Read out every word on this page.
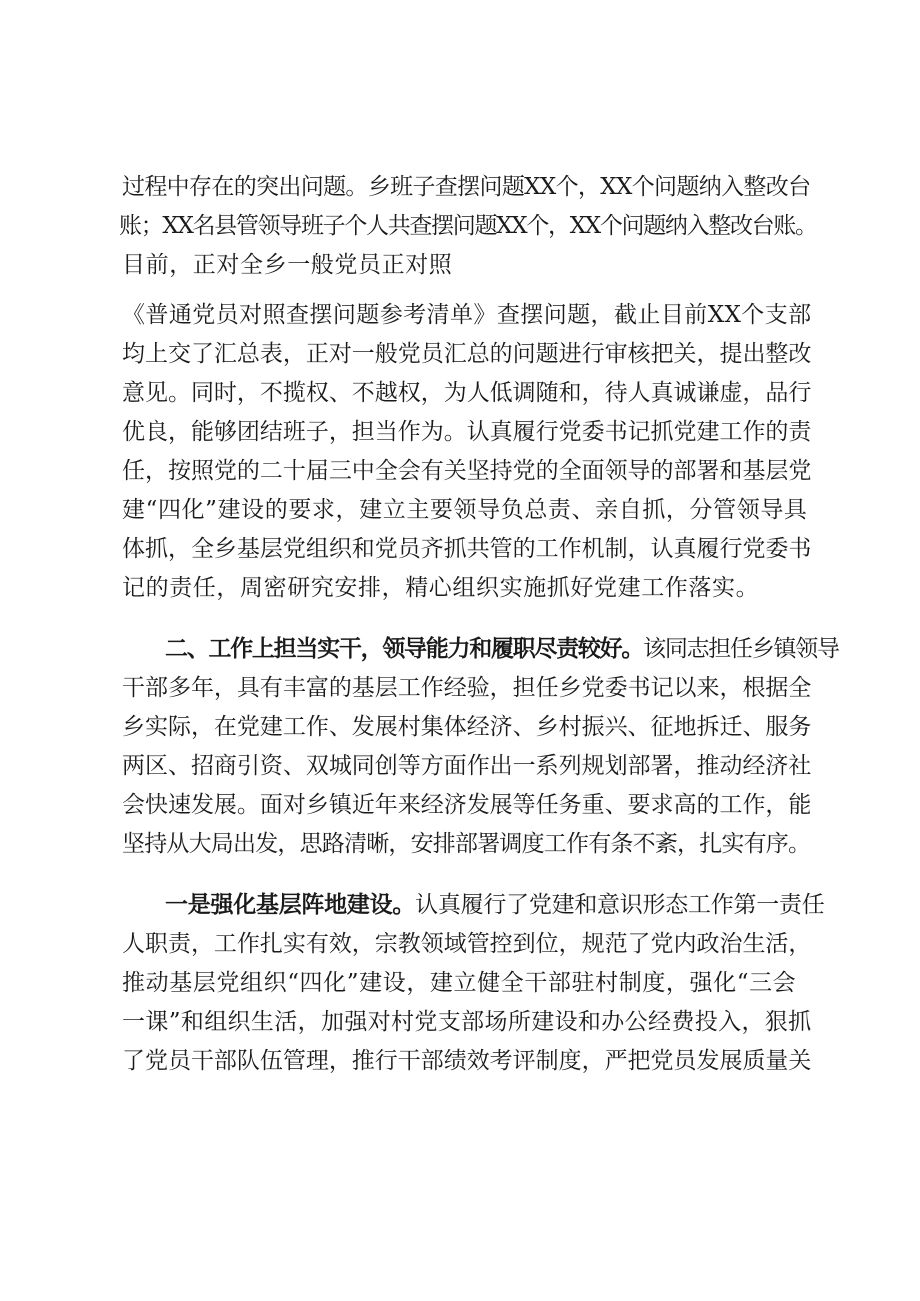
过程中存在的突出问题。乡班子查摆问题XX个，XX个问题纳入整改台
账；XX名县管领导班子个人共查摆问题XX个，XX个问题纳入整改台账。
目前，正对全乡一般党员正对照
《普通党员对照查摆问题参考清单》查摆问题，截止目前XX个支部
均上交了汇总表，正对一般党员汇总的问题进行审核把关，提出整改
意见。同时，不揽权、不越权，为人低调随和，待人真诚谦虚，品行
优良，能够团结班子，担当作为。认真履行党委书记抓党建工作的责
任，按照党的二十届三中全会有关坚持党的全面领导的部署和基层党
建“四化”建设的要求，建立主要领导负总责、亲自抓，分管领导具
体抓，全乡基层党组织和党员齐抓共管的工作机制，认真履行党委书
记的责任，周密研究安排，精心组织实施抓好党建工作落实。
二、工作上担当实干，领导能力和履职尽责较好。该同志担任乡镇领导
干部多年，具有丰富的基层工作经验，担任乡党委书记以来，根据全
乡实际，在党建工作、发展村集体经济、乡村振兴、征地拆迁、服务
两区、招商引资、双城同创等方面作出一系列规划部署，推动经济社
会快速发展。面对乡镇近年来经济发展等任务重、要求高的工作，能
坚持从大局出发，思路清晰，安排部署调度工作有条不紊，扎实有序。
一是强化基层阵地建设。认真履行了党建和意识形态工作第一责任
人职责，工作扎实有效，宗教领域管控到位，规范了党内政治生活，
推动基层党组织“四化”建设，建立健全干部驻村制度，强化“三会
一课”和组织生活，加强对村党支部场所建设和办公经费投入，狠抓
了党员干部队伍管理，推行干部绩效考评制度，严把党员发展质量关
